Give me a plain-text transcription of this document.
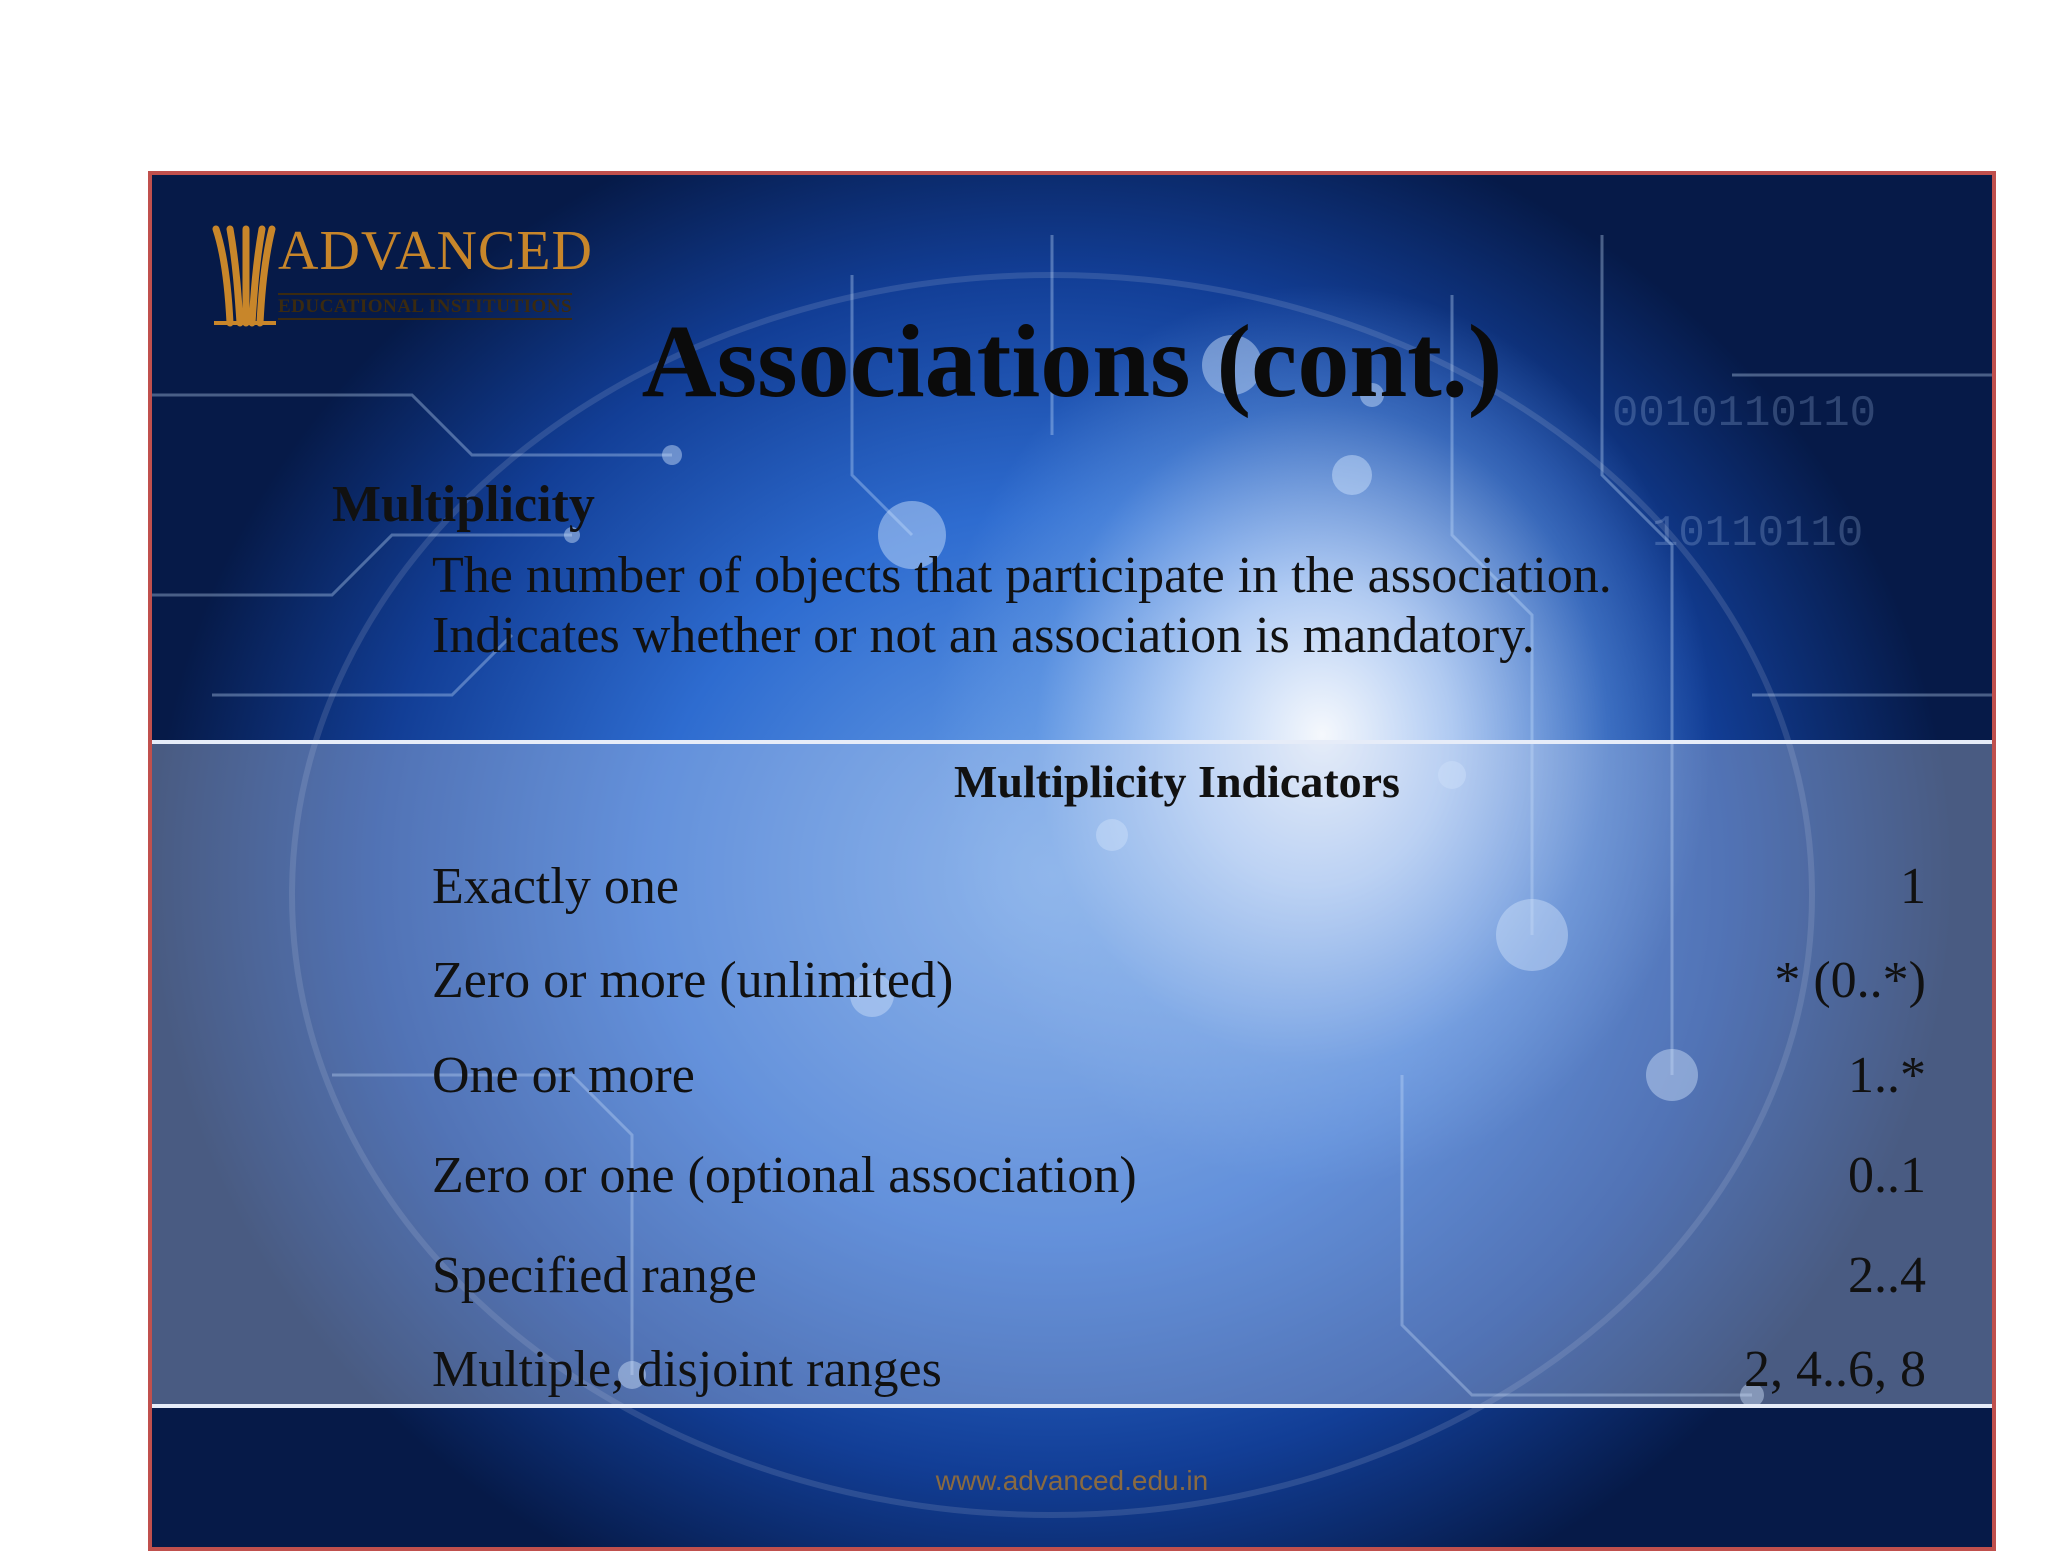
0010110110
10110110
ADVANCED
EDUCATIONAL INSTITUTIONS Associations (cont.)
Multiplicity
The number of objects that participate in the association.
Indicates whether or not an association is mandatory.
Multiplicity Indicators
Exactly one	1
Zero or more (unlimited)	* (0..*)
One or more	1..*
Zero or one (optional association)	0..1
Specified range	2..4
Multiple, disjoint ranges	2, 4..6, 8
www.advanced.edu.in
